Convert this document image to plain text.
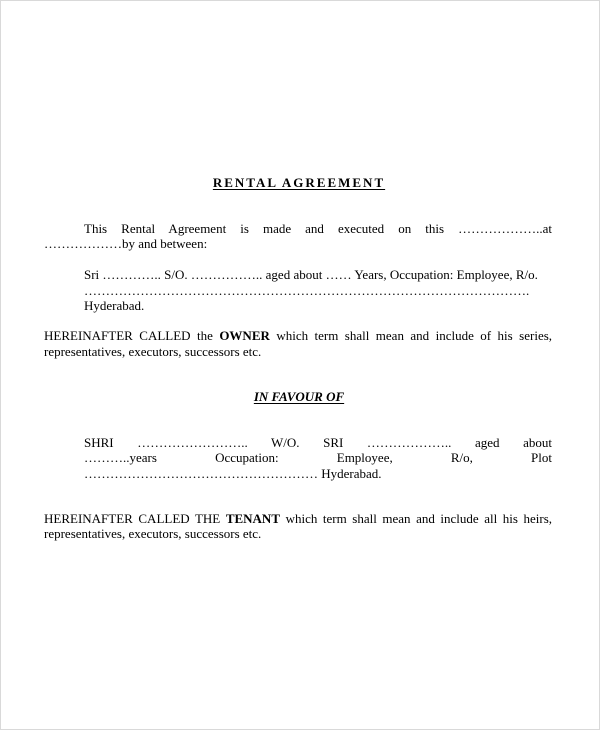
RENTAL AGREEMENT
This Rental Agreement is made and executed on this ………………..at
………………by and between:
Sri ………….. S/O. …………….. aged about …… Years, Occupation: Employee, R/o.
………………………………………………………………………………………….
Hyderabad.
HEREINAFTER CALLED the OWNER which term shall mean and include of his series,
representatives, executors, successors etc.
IN FAVOUR OF
SHRI …………………….. W/O. SRI ……………….. aged about
………..years Occupation: Employee, R/o, Plot
……………………………………………… Hyderabad.
HEREINAFTER CALLED THE TENANT which term shall mean and include all his heirs,
representatives, executors, successors etc.
